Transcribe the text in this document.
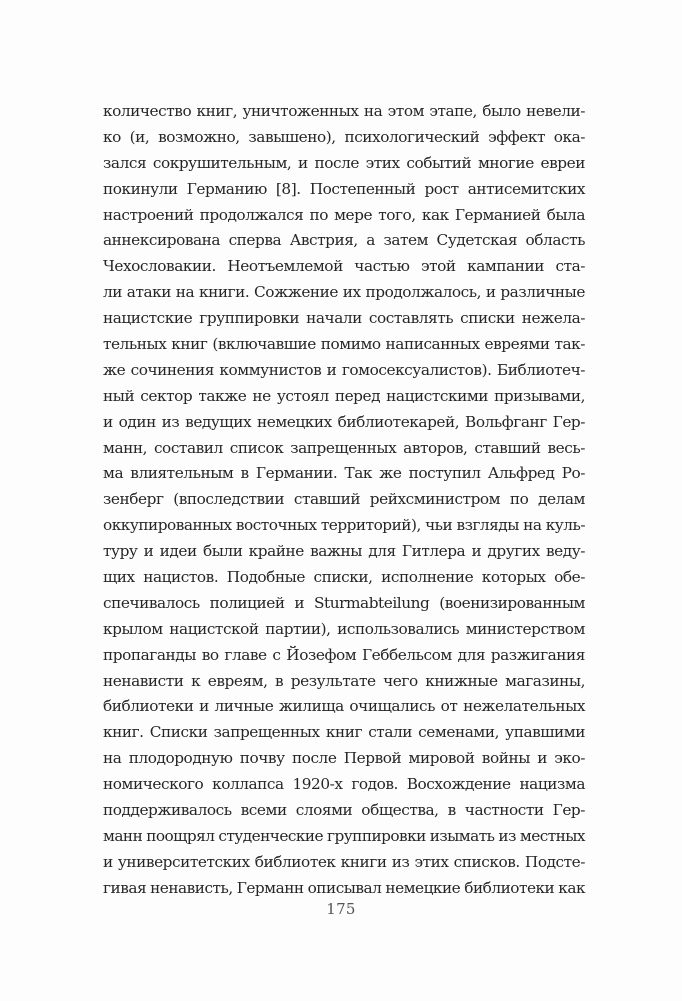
количество книг, уничтоженных на этом этапе, было невели-
ко (и, возможно, завышено), психологический эффект ока-
зался сокрушительным, и после этих событий многие евреи
покинули Германию [8]. Постепенный рост антисемитских
настроений продолжался по мере того, как Германией была
аннексирована сперва Австрия, а затем Судетская область
Чехословакии. Неотъемлемой частью этой кампании ста-
ли атаки на книги. Сожжение их продолжалось, и различные
нацистские группировки начали составлять списки нежела-
тельных книг (включавшие помимо написанных евреями так-
же сочинения коммунистов и гомосексуалистов). Библиотеч-
ный сектор также не устоял перед нацистскими призывами,
и один из ведущих немецких библиотекарей, Вольфганг Гер-
манн, составил список запрещенных авторов, ставший весь-
ма влиятельным в Германии. Так же поступил Альфред Ро-
зенберг (впоследствии ставший рейхсминистром по делам
оккупированных восточных территорий), чьи взгляды на куль-
туру и идеи были крайне важны для Гитлера и других веду-
щих нацистов. Подобные списки, исполнение которых обе-
спечивалось полицией и Sturmabteilung (военизированным
крылом нацистской партии), использовались министерством
пропаганды во главе с Йозефом Геббельсом для разжигания
ненависти к евреям, в результате чего книжные магазины,
библиотеки и личные жилища очищались от нежелательных
книг. Списки запрещенных книг стали семенами, упавшими
на плодородную почву после Первой мировой войны и эко-
номического коллапса 1920-х годов. Восхождение нацизма
поддерживалось всеми слоями общества, в частности Гер-
манн поощрял студенческие группировки изымать из местных
и университетских библиотек книги из этих списков. Подсте-
гивая ненависть, Германн описывал немецкие библиотеки как
175
